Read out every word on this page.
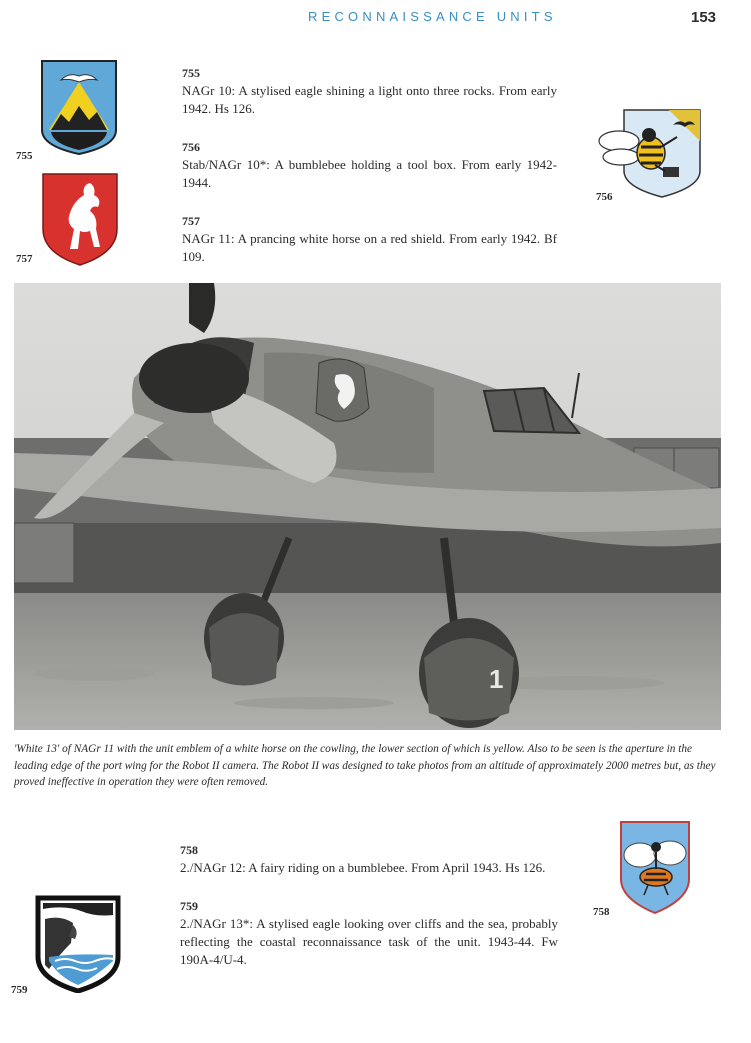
RECONNAISSANCE UNITS	153
755
757
755
NAGr 10: A stylised eagle shining a light onto three rocks. From early 1942. Hs 126.
756
Stab/NAGr 10*: A bumblebee holding a tool box. From early 1942-1944.
757
NAGr 11: A prancing white horse on a red shield. From early 1942. Bf 109.
756
1
'White 13' of NAGr 11 with the unit emblem of a white horse on the cowling, the lower section of which is yellow. Also to be seen is the aperture in the leading edge of the port wing for the Robot II camera. The Robot II was designed to take photos from an altitude of approximately 2000 metres but, as they proved ineffective in operation they were often removed.
758
759
758
2./NAGr 12: A fairy riding on a bumblebee. From April 1943. Hs 126.
759
2./NAGr 13*: A stylised eagle looking over cliffs and the sea, probably reflecting the coastal reconnaissance task of the unit. 1943-44. Fw 190A-4/U-4.
